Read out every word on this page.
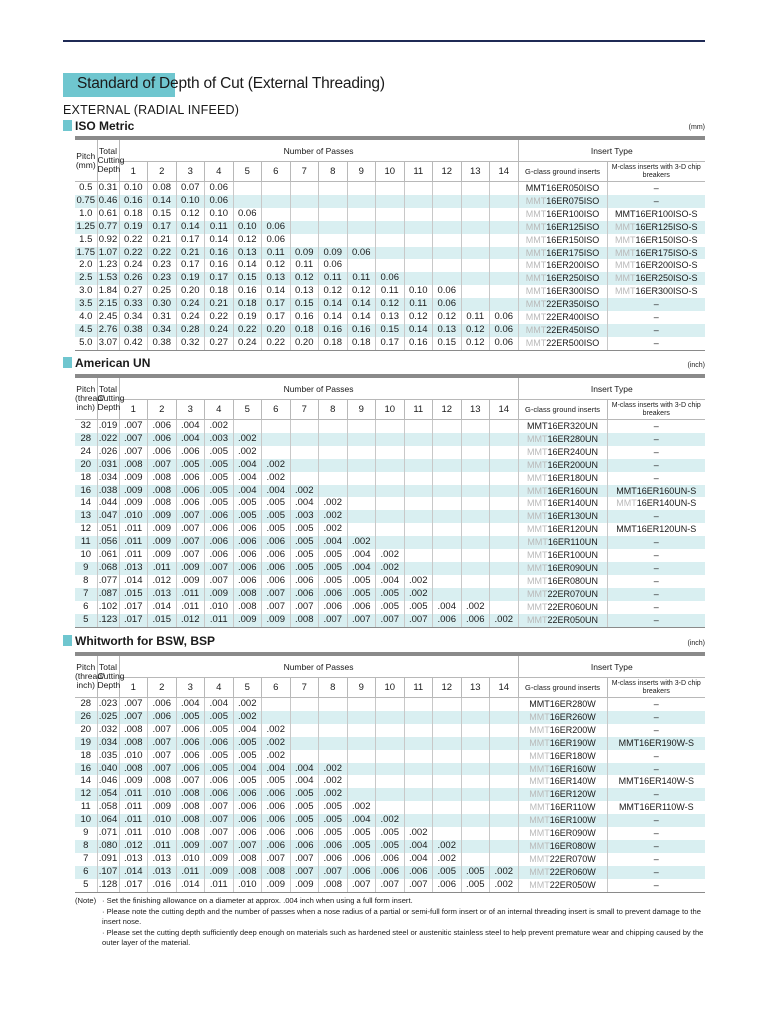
Standard of Depth of Cut (External Threading)
EXTERNAL (RADIAL INFEED)
ISO Metric	(mm)
Pitch (mm)	Total Cutting Depth	Number of Passes														Insert Type	
		1	2	3	4	5	6	7	8	9	10	11	12	13	14	G-class ground inserts	M-class inserts with 3-D chip breakers
0.5	0.31	0.10	0.08	0.07	0.06											MMT16ER050ISO	–
0.75	0.46	0.16	0.14	0.10	0.06											MMT16ER075ISO	–
1.0	0.61	0.18	0.15	0.12	0.10	0.06										MMT16ER100ISO	MMT16ER100ISO-S
1.25	0.77	0.19	0.17	0.14	0.11	0.10	0.06									MMT16ER125ISO	MMT16ER125ISO-S
1.5	0.92	0.22	0.21	0.17	0.14	0.12	0.06									MMT16ER150ISO	MMT16ER150ISO-S
1.75	1.07	0.22	0.22	0.21	0.16	0.13	0.11	0.09	0.09	0.06						MMT16ER175ISO	MMT16ER175ISO-S
2.0	1.23	0.24	0.23	0.17	0.16	0.14	0.12	0.11	0.06							MMT16ER200ISO	MMT16ER200ISO-S
2.5	1.53	0.26	0.23	0.19	0.17	0.15	0.13	0.12	0.11	0.11	0.06					MMT16ER250ISO	MMT16ER250ISO-S
3.0	1.84	0.27	0.25	0.20	0.18	0.16	0.14	0.13	0.12	0.12	0.11	0.10	0.06			MMT16ER300ISO	MMT16ER300ISO-S
3.5	2.15	0.33	0.30	0.24	0.21	0.18	0.17	0.15	0.14	0.14	0.12	0.11	0.06			MMT22ER350ISO	–
4.0	2.45	0.34	0.31	0.24	0.22	0.19	0.17	0.16	0.14	0.14	0.13	0.12	0.12	0.11	0.06	MMT22ER400ISO	–
4.5	2.76	0.38	0.34	0.28	0.24	0.22	0.20	0.18	0.16	0.16	0.15	0.14	0.13	0.12	0.06	MMT22ER450ISO	–
5.0	3.07	0.42	0.38	0.32	0.27	0.24	0.22	0.20	0.18	0.18	0.17	0.16	0.15	0.12	0.06	MMT22ER500ISO	–
American UN	(inch)
Pitch (thread/ inch)	Total Cutting Depth	Number of Passes														Insert Type	
		1	2	3	4	5	6	7	8	9	10	11	12	13	14	G-class ground inserts	M-class inserts with 3-D chip breakers
32	.019	.007	.006	.004	.002											MMT16ER320UN	–
28	.022	.007	.006	.004	.003	.002										MMT16ER280UN	–
24	.026	.007	.006	.006	.005	.002										MMT16ER240UN	–
20	.031	.008	.007	.005	.005	.004	.002									MMT16ER200UN	–
18	.034	.009	.008	.006	.005	.004	.002									MMT16ER180UN	–
16	.038	.009	.008	.006	.005	.004	.004	.002								MMT16ER160UN	MMT16ER160UN-S
14	.044	.009	.008	.006	.005	.005	.005	.004	.002							MMT16ER140UN	MMT16ER140UN-S
13	.047	.010	.009	.007	.006	.005	.005	.003	.002							MMT16ER130UN	–
12	.051	.011	.009	.007	.006	.006	.005	.005	.002							MMT16ER120UN	MMT16ER120UN-S
11	.056	.011	.009	.007	.006	.006	.006	.005	.004	.002						MMT16ER110UN	–
10	.061	.011	.009	.007	.006	.006	.006	.005	.005	.004	.002					MMT16ER100UN	–
9	.068	.013	.011	.009	.007	.006	.006	.005	.005	.004	.002					MMT16ER090UN	–
8	.077	.014	.012	.009	.007	.006	.006	.006	.005	.005	.004	.002				MMT16ER080UN	–
7	.087	.015	.013	.011	.009	.008	.007	.006	.006	.005	.005	.002				MMT22ER070UN	–
6	.102	.017	.014	.011	.010	.008	.007	.007	.006	.006	.005	.005	.004	.002		MMT22ER060UN	–
5	.123	.017	.015	.012	.011	.009	.009	.008	.007	.007	.007	.007	.006	.006	.002	MMT22ER050UN	–
Whitworth for BSW, BSP	(inch)
Pitch (thread/ inch)	Total Cutting Depth	Number of Passes														Insert Type	
		1	2	3	4	5	6	7	8	9	10	11	12	13	14	G-class ground inserts	M-class inserts with 3-D chip breakers
28	.023	.007	.006	.004	.004	.002										MMT16ER280W	–
26	.025	.007	.006	.005	.005	.002										MMT16ER260W	–
20	.032	.008	.007	.006	.005	.004	.002									MMT16ER200W	–
19	.034	.008	.007	.006	.006	.005	.002									MMT16ER190W	MMT16ER190W-S
18	.035	.010	.007	.006	.005	.005	.002									MMT16ER180W	–
16	.040	.008	.007	.006	.005	.004	.004	.004	.002							MMT16ER160W	–
14	.046	.009	.008	.007	.006	.005	.005	.004	.002							MMT16ER140W	MMT16ER140W-S
12	.054	.011	.010	.008	.006	.006	.006	.005	.002							MMT16ER120W	–
11	.058	.011	.009	.008	.007	.006	.006	.005	.005	.002						MMT16ER110W	MMT16ER110W-S
10	.064	.011	.010	.008	.007	.006	.006	.005	.005	.004	.002					MMT16ER100W	–
9	.071	.011	.010	.008	.007	.006	.006	.006	.005	.005	.005	.002				MMT16ER090W	–
8	.080	.012	.011	.009	.007	.007	.006	.006	.006	.005	.005	.004	.002			MMT16ER080W	–
7	.091	.013	.013	.010	.009	.008	.007	.007	.006	.006	.006	.004	.002			MMT22ER070W	–
6	.107	.014	.013	.011	.009	.008	.008	.007	.007	.006	.006	.006	.005	.005	.002	MMT22ER060W	–
5	.128	.017	.016	.014	.011	.010	.009	.009	.008	.007	.007	.007	.006	.005	.002	MMT22ER050W	–
(Note) · Set the finishing allowance on a diameter at approx. .004 inch when using a full form insert.
· Please note the cutting depth and the number of passes when a nose radius of a partial or semi-full form insert or of an internal threading insert is small to prevent damage to the insert nose.
· Please set the cutting depth sufficiently deep enough on materials such as hardened steel or austenitic stainless steel to help prevent premature wear and chipping caused by the outer layer of the material.
